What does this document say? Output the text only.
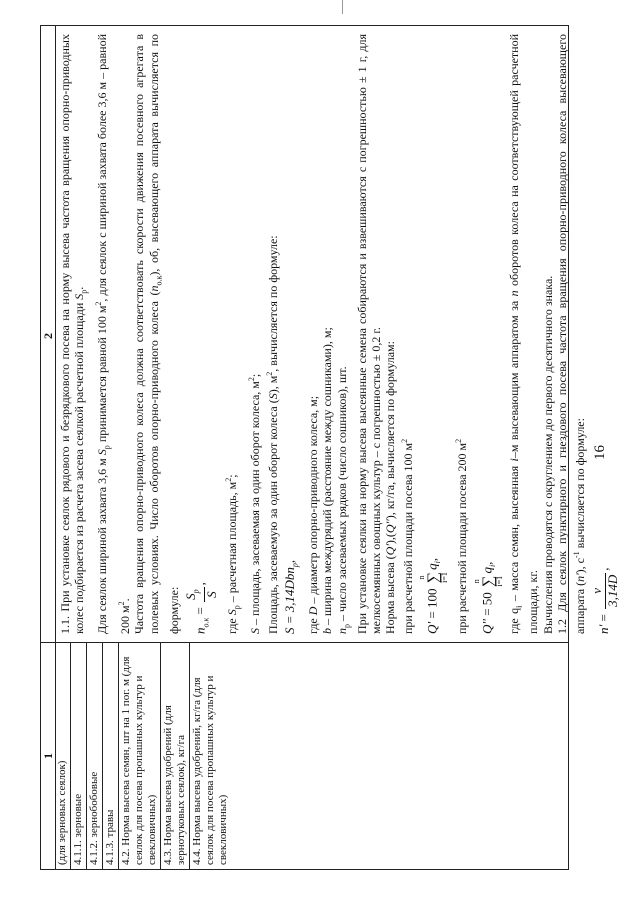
16
1
2
(для зерновых сеялок) 4.1.1. зерновые 4.1.2. зернобобовые 4.1.3. травы 4.2. Норма высева семян, шт на 1 пог. м (для сеялок для посева пропашных культур и свекловичных) 4.3. Норма высева удобрений (для зернотуковых сеялок), кг/га 4.4. Норма высева удобрений, кг/га (для сеялок для посева пропашных культур и свекловичных)

1.1. При установке сеялок рядового и безрядкового посева на норму высева частота вращения опорно-приводных колес подбирается из расчета засева сеялкой расчетной площади $S_р$.

Для сеялок шириной захвата 3,6 м $S_р$ принимается равной 100 $м^2$, для сеялок с шириной захвата более 3,6 м – равной 200 $м^2$. Частота вращения опорно-приводного колеса должна соответствовать скорости движения посевного агрегата в полевых условиях. Число оборотов опорно-приводного колеса $(n_{о.к})$, об, высевающего аппарата вычисляется по формуле: $n_{о.к}$ =
$S_р$ S
,

где $S_р$ – расчетная площадь, $м^2$;

S – площадь, засеваемая за один оборот колеса, $м^2$;

Площадь, засеваемую за один оборот колеса (S), $м^2$, вычисляется по формуле:

S = 3,14Dbn$_р$,

где D – диаметр опорно-приводного колеса, м;

b – ширина междурядий (расстояние между сошниками), м;

$n_р$ – число засеваемых рядков (число сошников), шт. При установке сеялки на норму высева высеянные семена собираются и взвешиваются с погрешностью ± 1 г, для мелкосемянных овощных культур – с погрешностью ± 0,2 г. Норма высева (Q'),(Q''), кг/га, вычисляется по формулам:

при расчетной площади посева 100 $м^2$

Q' = 100
n ∑
i=1
$q_i$,	при расчетной площади посева 200 $м^2$

Q'' = 50
n ∑
i=1
$q_i$,

где $q_i$ – масса семян, высеянная i–м высевающим аппаратом за n оборотов колеса на соответствующей расчетной площади, кг. Вычисления проводятся с округлением до первого десятичного знака. 1.2 Для сеялок пунктирного и гнездового посева частота вращения опорно-приводного колеса высевающего аппарата (n'), $с^{-1}$ вычисляется по формуле:

n' =
v 3,14D
,
